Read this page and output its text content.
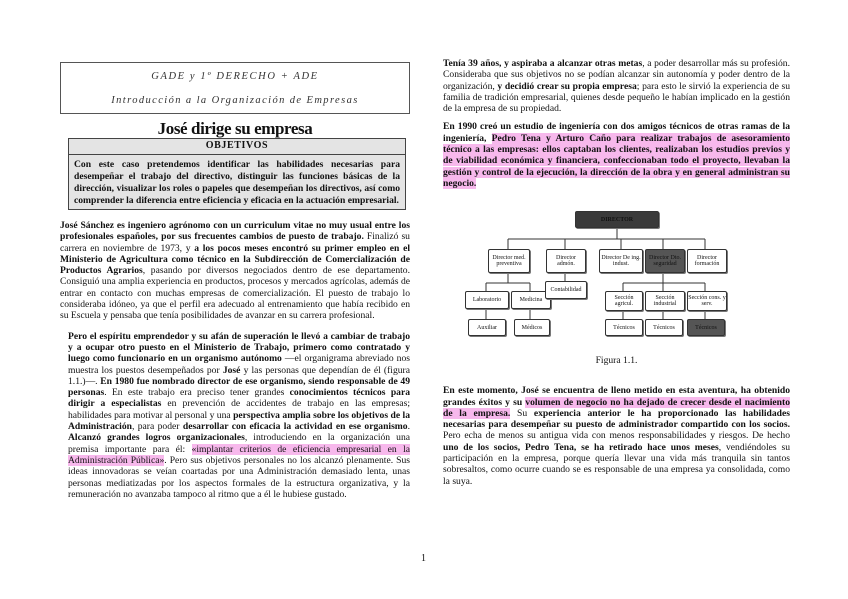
GADE y 1º DERECHO + ADE
Introducción a la Organización de Empresas
José dirige su empresa
OBJETIVOS
Con este caso pretendemos identificar las habilidades necesarias para desempeñar el trabajo del directivo, distinguir las funciones básicas de la dirección, visualizar los roles o papeles que desempeñan los directivos, así como comprender la diferencia entre eficiencia y eficacia en la actuación empresarial.

José Sánchez es ingeniero agrónomo con un curriculum vitae no muy usual entre los profesionales españoles, por sus frecuentes cambios de puesto de trabajo. Finalizó su carrera en noviembre de 1973, y a los pocos meses encontró su primer empleo en el Ministerio de Agricultura como técnico en la Subdirección de Comercialización de Productos Agrarios, pasando por diversos negociados dentro de ese departamento. Consiguió una amplia experiencia en productos, procesos y mercados agrícolas, además de entrar en contacto con muchas empresas de comercialización. El puesto de trabajo lo consideraba idóneo, ya que el perfil era adecuado al entrenamiento que había recibido en su Escuela y pensaba que tenía posibilidades de avanzar en su carrera profesional.

Pero el espíritu emprendedor y su afán de superación le llevó a cambiar de trabajo y a ocupar otro puesto en el Ministerio de Trabajo, primero como contratado y luego como funcionario en un organismo autónomo —el organigrama abreviado nos muestra los puestos desempeñados por José y las personas que dependían de él (figura 1.1.)—. En 1980 fue nombrado director de ese organismo, siendo responsable de 49 personas. En este trabajo era preciso tener grandes conocimientos técnicos para dirigir a especialistas en prevención de accidentes de trabajo en las empresas; habilidades para motivar al personal y una perspectiva amplia sobre los objetivos de la Administración, para poder desarrollar con eficacia la actividad en ese organismo. Alcanzó grandes logros organizacionales, introduciendo en la organización una premisa importante para él: «implantar criterios de eficiencia empresarial en la Administración Pública». Pero sus objetivos personales no los alcanzó plenamente. Sus ideas innovadoras se veían coartadas por una Administración demasiado lenta, unas personas mediatizadas por los aspectos formales de la estructura organizativa, y la remuneración no avanzaba tampoco al ritmo que a él le hubiese gustado.

Tenía 39 años, y aspiraba a alcanzar otras metas, a poder desarrollar más su profesión. Consideraba que sus objetivos no se podían alcanzar sin autonomía y poder dentro de la organización, y decidió crear su propia empresa; para esto le sirvió la experiencia de su familia de tradición empresarial, quienes desde pequeño le habían implicado en la gestión de la empresa de su propiedad.

En 1990 creó un estudio de ingeniería con dos amigos técnicos de otras ramas de la ingeniería, Pedro Tena y Arturo Caño para realizar trabajos de asesoramiento técnico a las empresas: ellos captaban los clientes, realizaban los estudios previos y de viabilidad económica y financiera, confeccionaban todo el proyecto, llevaban la gestión y control de la ejecución, la dirección de la obra y en general administran su negocio.

DIRECTOR
Director med. preventiva
Director admón.
Director De ing. indust.
Director Dto. seguridad
Director formación
Laboratorio	Medicina
Contabilidad
Sección agricul.
Sección industrial
Sección cons. y serv.
Auxiliar	Médicos	Técnicos	Técnicos	Técnicos
Figura 1.1.

En este momento, José se encuentra de lleno metido en esta aventura, ha obtenido grandes éxitos y su volumen de negocio no ha dejado de crecer desde el nacimiento de la empresa. Su experiencia anterior le ha proporcionado las habilidades necesarias para desempeñar su puesto de administrador compartido con los socios. Pero echa de menos su antigua vida con menos responsabilidades y riesgos. De hecho uno de los socios, Pedro Tena, se ha retirado hace unos meses, vendiéndoles su participación en la empresa, porque quería llevar una vida más tranquila sin tantos sobresaltos, como ocurre cuando se es responsable de una empresa ya consolidada, como la suya.

1
